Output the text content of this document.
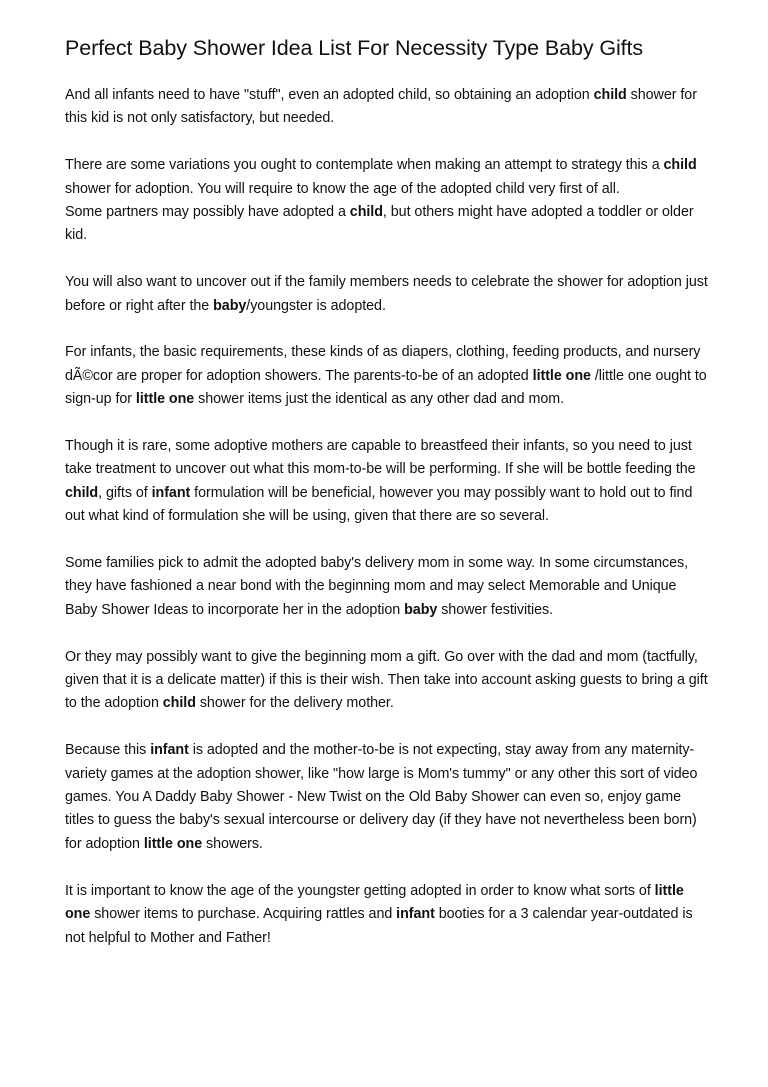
Perfect Baby Shower Idea List For Necessity Type Baby Gifts

And all infants need to have "stuff", even an adopted child, so obtaining an adoption child shower for this kid is not only satisfactory, but needed.

There are some variations you ought to contemplate when making an attempt to strategy this a child shower for adoption. You will require to know the age of the adopted child very first of all.

Some partners may possibly have adopted a child, but others might have adopted a toddler or older kid.

You will also want to uncover out if the family members needs to celebrate the shower for adoption just before or right after the baby/youngster is adopted.

For infants, the basic requirements, these kinds of as diapers, clothing, feeding products, and nursery dÃ©cor are proper for adoption showers. The parents-to-be of an adopted little one /little one ought to sign-up for little one shower items just the identical as any other dad and mom.

Though it is rare, some adoptive mothers are capable to breastfeed their infants, so you need to just take treatment to uncover out what this mom-to-be will be performing. If she will be bottle feeding the child, gifts of infant formulation will be beneficial, however you may possibly want to hold out to find out what kind of formulation she will be using, given that there are so several.

Some families pick to admit the adopted baby's delivery mom in some way. In some circumstances, they have fashioned a near bond with the beginning mom and may select Memorable and Unique Baby Shower Ideas to incorporate her in the adoption baby shower festivities.

Or they may possibly want to give the beginning mom a gift. Go over with the dad and mom (tactfully, given that it is a delicate matter) if this is their wish. Then take into account asking guests to bring a gift to the adoption child shower for the delivery mother.

Because this infant is adopted and the mother-to-be is not expecting, stay away from any maternity-variety games at the adoption shower, like "how large is Mom's tummy" or any other this sort of video games. You A Daddy Baby Shower - New Twist on the Old Baby Shower can even so, enjoy game titles to guess the baby's sexual intercourse or delivery day (if they have not nevertheless been born) for adoption little one showers.

It is important to know the age of the youngster getting adopted in order to know what sorts of little one shower items to purchase. Acquiring rattles and infant booties for a 3 calendar year-outdated is not helpful to Mother and Father!
